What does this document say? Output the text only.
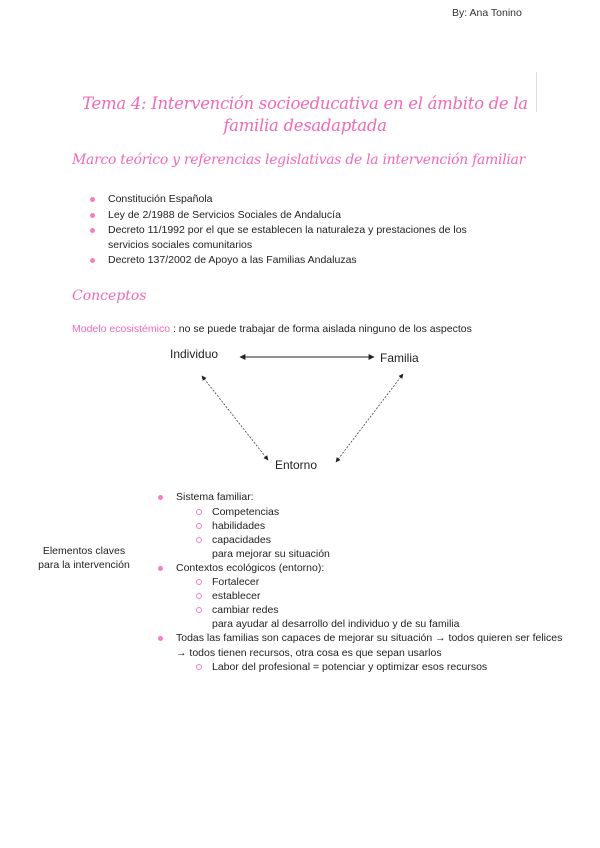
By: Ana Tonino
Tema 4: Intervención socioeducativa en el ámbito de la familia desadaptada
Marco teórico y referencias legislativas de la intervención familiar
Constitución Española
Ley de 2/1988 de Servicios Sociales de Andalucía
Decreto 11/1992 por el que se establecen la naturaleza y prestaciones de los servicios sociales comunitarios
Decreto 137/2002 de Apoyo a las Familias Andaluzas
Conceptos
Modelo ecosistémico : no se puede trabajar de forma aislada ninguno de los aspectos
Individuo	Familia
Entorno
Elementos claves para la intervención
Sistema familiar:
Competencias
habilidades
capacidades
para mejorar su situación
Contextos ecológicos (entorno):
Fortalecer
establecer
cambiar redes
para ayudar al desarrollo del individuo y de su familia
Todas las familias son capaces de mejorar su situación → todos quieren ser felices → todos tienen recursos, otra cosa es que sepan usarlos
Labor del profesional = potenciar y optimizar esos recursos
